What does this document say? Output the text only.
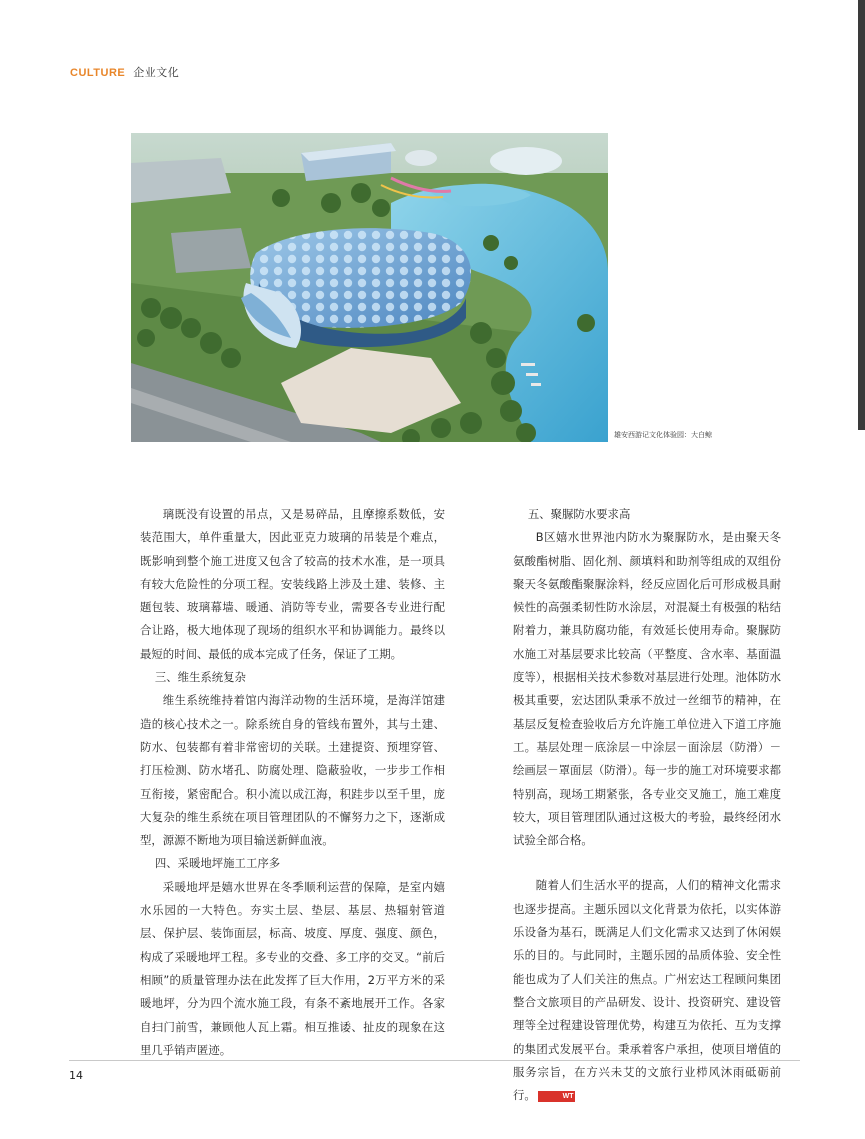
CULTURE 企业文化
雄安西游记文化体验园：大白鲸

璃既没有设置的吊点，又是易碎品，且摩擦系数低，安装范围大，单件重量大，因此亚克力玻璃的吊装是个难点，既影响到整个施工进度又包含了较高的技术水准，是一项具有较大危险性的分项工程。安装线路上涉及土建、装修、主题包装、玻璃幕墙、暖通、消防等专业，需要各专业进行配合让路，极大地体现了现场的组织水平和协调能力。最终以最短的时间、最低的成本完成了任务，保证了工期。

三、维生系统复杂

维生系统维持着馆内海洋动物的生活环境，是海洋馆建造的核心技术之一。除系统自身的管线布置外，其与土建、防水、包装都有着非常密切的关联。土建提资、预埋穿管、打压检测、防水堵孔、防腐处理、隐蔽验收，一步步工作相互衔接，紧密配合。积小流以成江海，积跬步以至千里，庞大复杂的维生系统在项目管理团队的不懈努力之下，逐渐成型，源源不断地为项目输送新鲜血液。

四、采暖地坪施工工序多

采暖地坪是嬉水世界在冬季顺利运营的保障，是室内嬉水乐园的一大特色。夯实土层、垫层、基层、热辐射管道层、保护层、装饰面层，标高、坡度、厚度、强度、颜色，构成了采暖地坪工程。多专业的交叠、多工序的交叉。“前后相顾”的质量管理办法在此发挥了巨大作用，2万平方米的采暖地坪，分为四个流水施工段，有条不紊地展开工作。各家自扫门前雪，兼顾他人瓦上霜。相互推诿、扯皮的现象在这里几乎销声匿迹。

五、聚脲防水要求高

B区嬉水世界池内防水为聚脲防水，是由聚天冬氨酸酯树脂、固化剂、颜填料和助剂等组成的双组份聚天冬氨酸酯聚脲涂料，经反应固化后可形成极具耐候性的高强柔韧性防水涂层，对混凝土有极强的粘结附着力，兼具防腐功能，有效延长使用寿命。聚脲防水施工对基层要求比较高（平整度、含水率、基面温度等），根据相关技术参数对基层进行处理。池体防水极其重要，宏达团队秉承不放过一丝细节的精神，在基层反复检查验收后方允许施工单位进入下道工序施工。基层处理－底涂层－中涂层－面涂层（防滑）－绘画层－罩面层（防滑）。每一步的施工对环境要求都特别高，现场工期紧张，各专业交叉施工，施工难度较大，项目管理团队通过这极大的考验，最终经闭水试验全部合格。

随着人们生活水平的提高，人们的精神文化需求也逐步提高。主题乐园以文化背景为依托，以实体游乐设备为基石，既满足人们文化需求又达到了休闲娱乐的目的。与此同时，主题乐园的品质体验、安全性能也成为了人们关注的焦点。广州宏达工程顾问集团整合文旅项目的产品研发、设计、投资研究、建设管理等全过程建设管理优势，构建互为依托、互为支撑的集团式发展平台。秉承着客户承担，使项目增值的服务宗旨，在方兴未艾的文旅行业栉风沐雨砥砺前行。	WT

14
